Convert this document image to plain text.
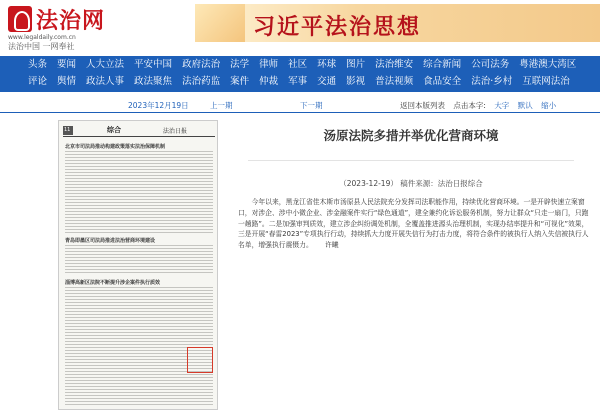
法治网
www.legaldaily.com.cn
法治中国 一网奉社
习近平法治思想
头条 要闻 人大立法 平安中国 政府法治 法学 律师 社区 环球 图片 法治维安 综合新闻 公司法务 粤港澳大湾区
评论 舆情 政法人事 政法聚焦 法治药监 案件 仲裁 军事 交通 影视 普法视频 食品安全 法治·乡村 互联网法治
2023年12月19日	上一期	下一期	返回本版列表 点击本字: 大字 默认 缩小
11	综合	法治日报
北京市司法局推动构建政策落实法治保障机制
青岛即墨区司法局推进法治营商环境建设
淄博高新区法院不断提升涉企案件执行质效
汤原法院多措并举优化营商环境
（2023-12-19） 稿件来源：法治日报综合
今年以来，黑龙江省佳木斯市汤原县人民法院充分发挥司法职能作用，持续优化营商环境。一是开辟快速立案窗口，对涉企、涉中小微企业、涉金融案件实行“绿色通道”，建全兼约化诉讼服务机制，努力让群众“只走一扇门，只跑一趟路”。二是加强审判质效，建立涉企纠纷调处机制，全覆盖推进源头治理机制，实现办结率提升和“可视化”效果，三是开展“春雷2023”专项执行行动，持续抓大力度开展失信行为打击力度，将符合条件的被执行人纳入失信被执行人名单，增强执行震慑力。 许曦
